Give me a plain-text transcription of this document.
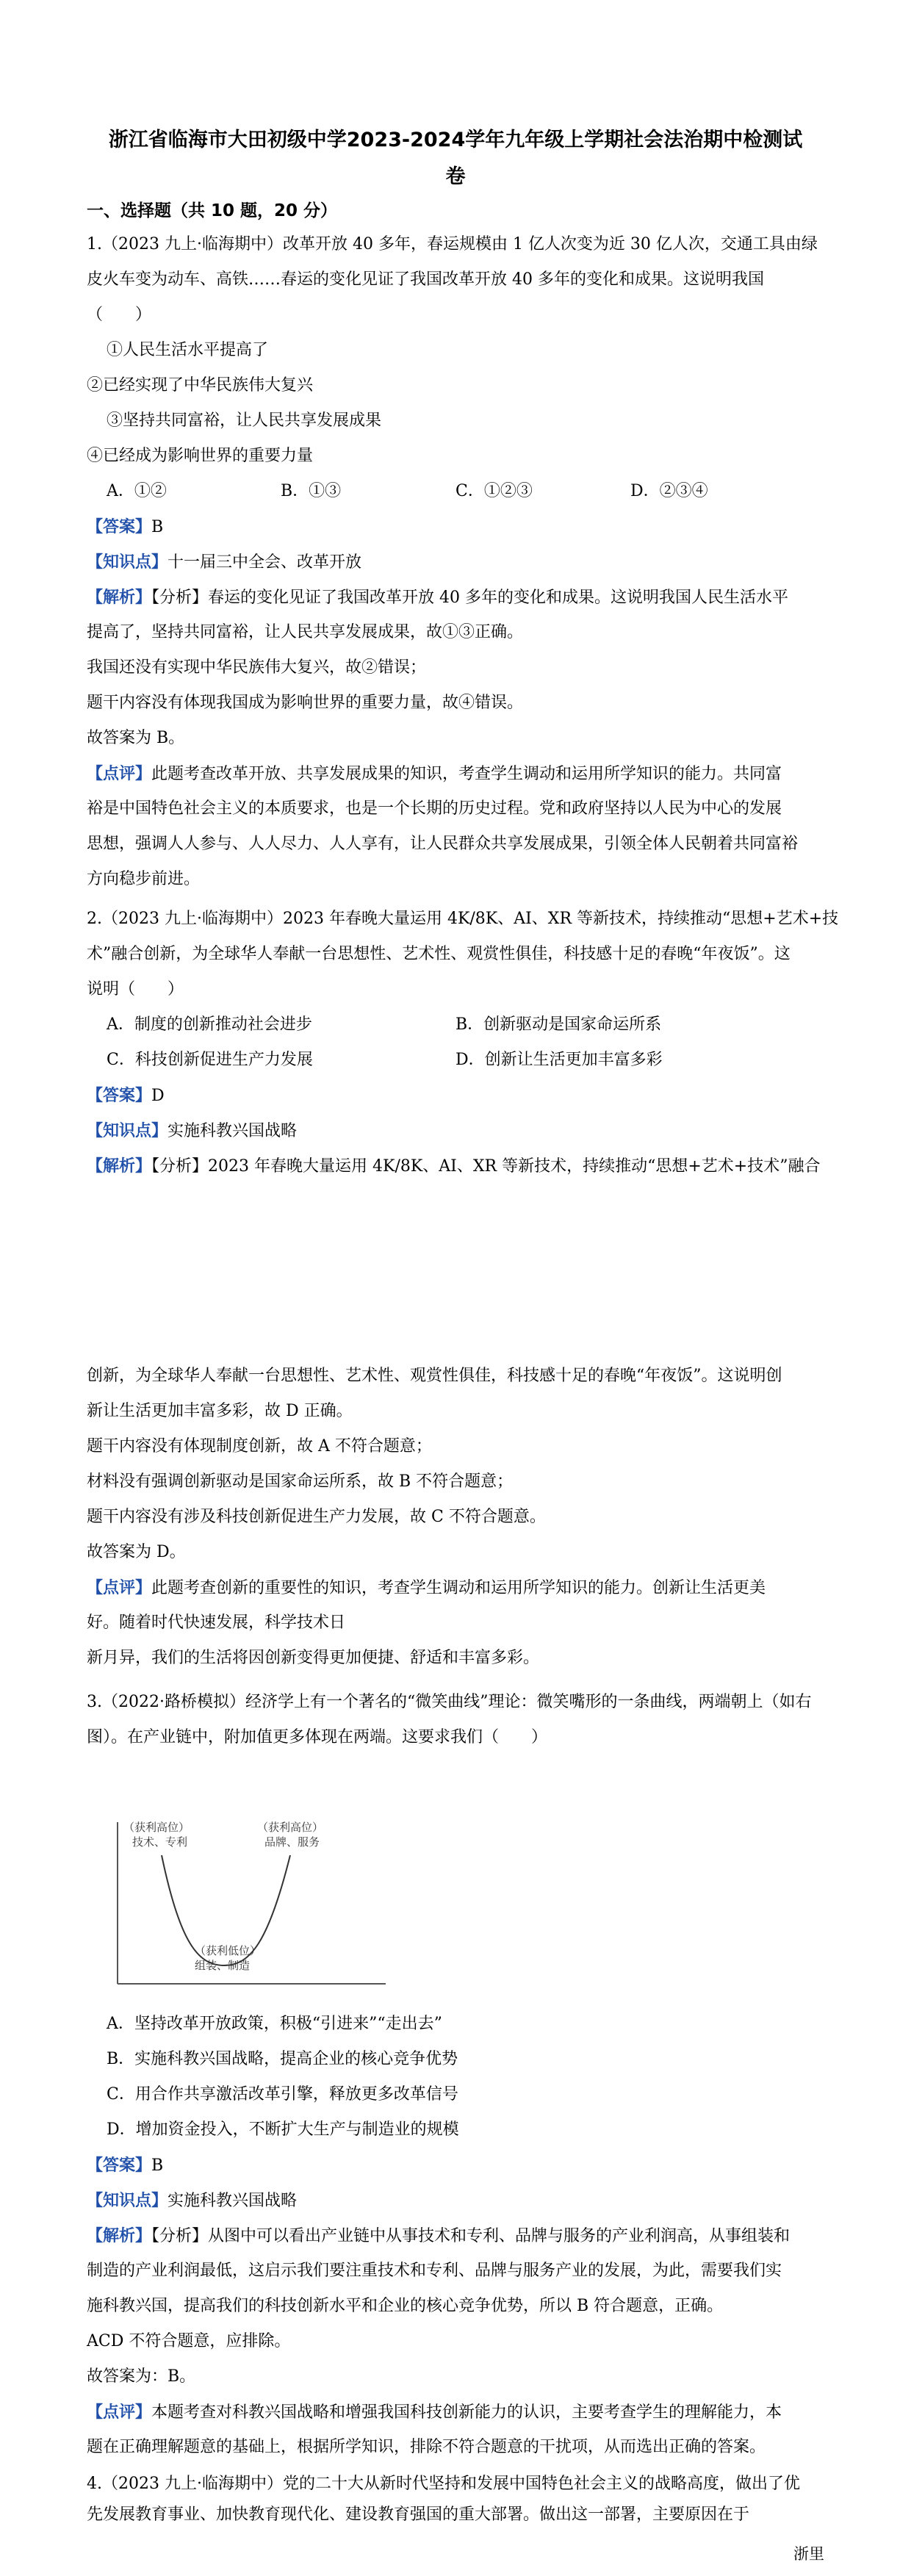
浙江省临海市大田初级中学2023-2024学年九年级上学期社会法治期中检测试
卷
一、选择题（共 10 题，20 分）
1.（2023 九上·临海期中）改革开放 40 多年，春运规模由 1 亿人次变为近 30 亿人次，交通工具由绿
皮火车变为动车、高铁……春运的变化见证了我国改革开放 40 多年的变化和成果。这说明我国
（　　）
①人民生活水平提高了
②已经实现了中华民族伟大复兴
③坚持共同富裕，让人民共享发展成果
④已经成为影响世界的重要力量
A．①②	B．①③	C．①②③	D．②③④
【答案】B
【知识点】十一届三中全会、改革开放
【解析】【分析】春运的变化见证了我国改革开放 40 多年的变化和成果。这说明我国人民生活水平
提高了，坚持共同富裕，让人民共享发展成果，故①③正确。
我国还没有实现中华民族伟大复兴，故②错误；
题干内容没有体现我国成为影响世界的重要力量，故④错误。
故答案为 B。
【点评】此题考查改革开放、共享发展成果的知识，考查学生调动和运用所学知识的能力。共同富
裕是中国特色社会主义的本质要求，也是一个长期的历史过程。党和政府坚持以人民为中心的发展
思想，强调人人参与、人人尽力、人人享有，让人民群众共享发展成果，引领全体人民朝着共同富裕
方向稳步前进。
2.（2023 九上·临海期中）2023 年春晚大量运用 4K/8K、AI、XR 等新技术，持续推动“思想+艺术+技
术”融合创新，为全球华人奉献一台思想性、艺术性、观赏性俱佳，科技感十足的春晚“年夜饭”。这
说明（　　）
A．制度的创新推动社会进步	B．创新驱动是国家命运所系
C．科技创新促进生产力发展	D．创新让生活更加丰富多彩
【答案】D
【知识点】实施科教兴国战略
【解析】【分析】2023 年春晚大量运用 4K/8K、AI、XR 等新技术，持续推动“思想+艺术+技术”融合
创新，为全球华人奉献一台思想性、艺术性、观赏性俱佳，科技感十足的春晚“年夜饭”。这说明创
新让生活更加丰富多彩，故 D 正确。
题干内容没有体现制度创新，故 A 不符合题意；
材料没有强调创新驱动是国家命运所系，故 B 不符合题意；
题干内容没有涉及科技创新促进生产力发展，故 C 不符合题意。
故答案为 D。
【点评】此题考查创新的重要性的知识，考查学生调动和运用所学知识的能力。创新让生活更美
好。随着时代快速发展，科学技术日
新月异，我们的生活将因创新变得更加便捷、舒适和丰富多彩。
3.（2022·路桥模拟）经济学上有一个著名的“微笑曲线”理论：微笑嘴形的一条曲线，两端朝上（如右
图）。在产业链中，附加值更多体现在两端。这要求我们（　　）
（获利高位）
技术、专利
（获利高位）
品牌、服务
（获利低位）
组装、制造
A．坚持改革开放政策，积极“引进来”“走出去”
B．实施科教兴国战略，提高企业的核心竞争优势
C．用合作共享激活改革引擎，释放更多改革信号
D．增加资金投入，不断扩大生产与制造业的规模
【答案】B
【知识点】实施科教兴国战略
【解析】【分析】从图中可以看出产业链中从事技术和专利、品牌与服务的产业利润高，从事组装和
制造的产业利润最低，这启示我们要注重技术和专利、品牌与服务产业的发展，为此，需要我们实
施科教兴国，提高我们的科技创新水平和企业的核心竞争优势，所以 B 符合题意，正确。
ACD 不符合题意，应排除。
故答案为：B。
【点评】本题考查对科教兴国战略和增强我国科技创新能力的认识，主要考查学生的理解能力，本
题在正确理解题意的基础上，根据所学知识，排除不符合题意的干扰项，从而选出正确的答案。
4.（2023 九上·临海期中）党的二十大从新时代坚持和发展中国特色社会主义的战略高度，做出了优
先发展教育事业、加快教育现代化、建设教育强国的重大部署。做出这一部署，主要原因在于
浙里
